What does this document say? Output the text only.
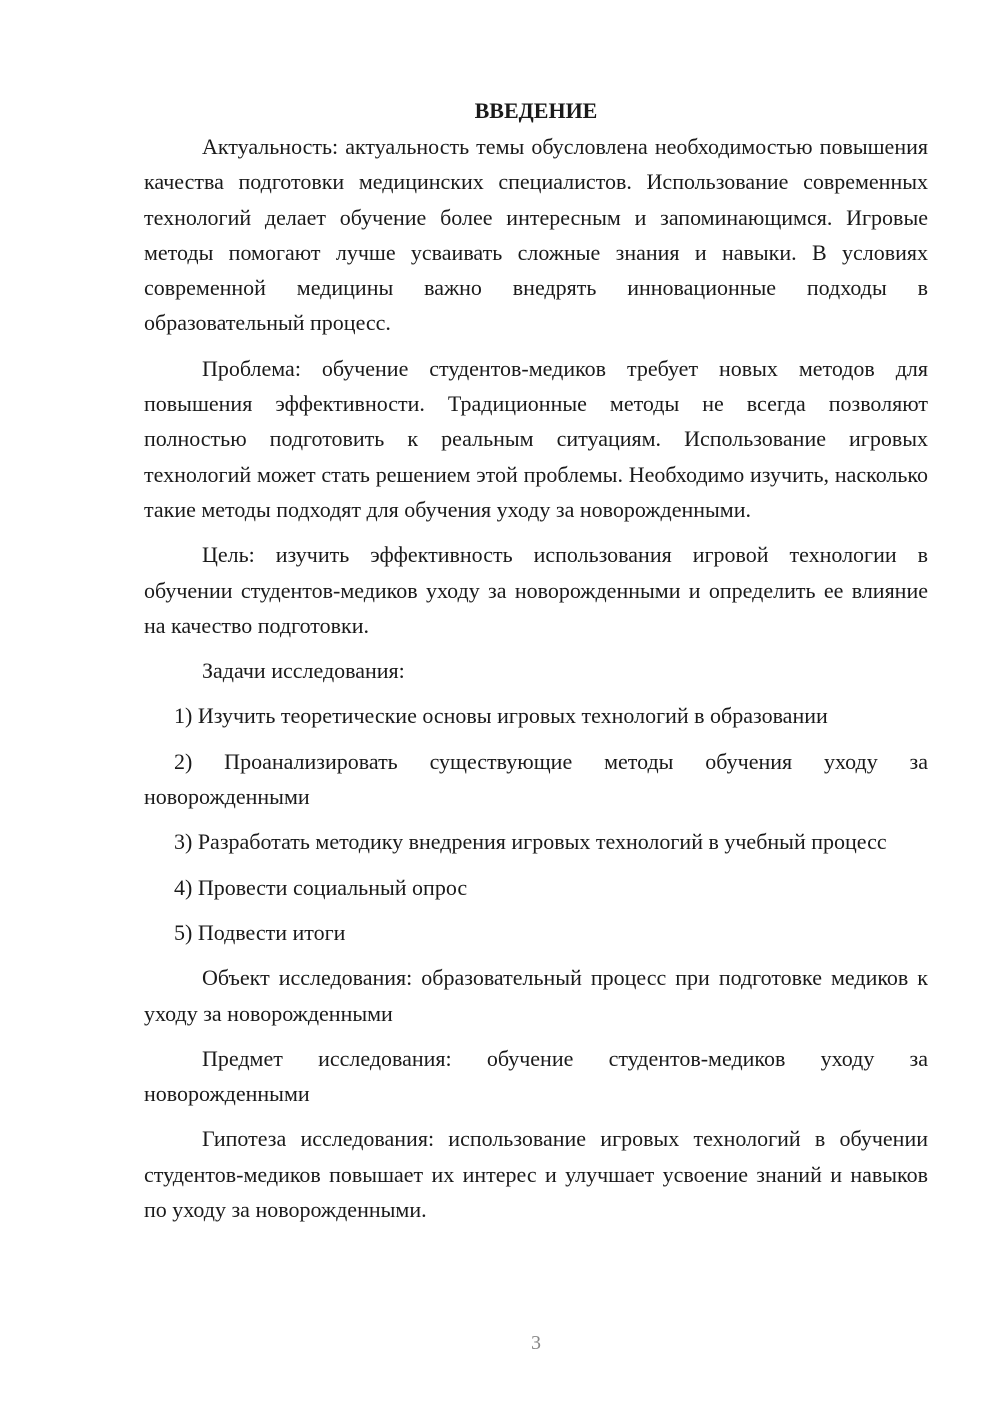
ВВЕДЕНИЕ

Актуальность: актуальность темы обусловлена необходимостью повышения качества подготовки медицинских специалистов. Использование современных технологий делает обучение более интересным и запоминающимся. Игровые методы помогают лучше усваивать сложные знания и навыки. В условиях современной медицины важно внедрять инновационные подходы в образовательный процесс.

Проблема: обучение студентов-медиков требует новых методов для повышения эффективности. Традиционные методы не всегда позволяют полностью подготовить к реальным ситуациям. Использование игровых технологий может стать решением этой проблемы. Необходимо изучить, насколько такие методы подходят для обучения уходу за новорожденными.

Цель: изучить эффективность использования игровой технологии в обучении студентов-медиков уходу за новорожденными и определить ее влияние на качество подготовки.

Задачи исследования:

1) Изучить теоретические основы игровых технологий в образовании

2) Проанализировать существующие методы обучения уходу за новорожденными

3) Разработать методику внедрения игровых технологий в учебный процесс

4) Провести социальный опрос

5) Подвести итоги

Объект исследования: образовательный процесс при подготовке медиков к уходу за новорожденными

Предмет исследования: обучение студентов-медиков уходу за новорожденными

Гипотеза исследования: использование игровых технологий в обучении студентов-медиков повышает их интерес и улучшает усвоение знаний и навыков по уходу за новорожденными.

3
